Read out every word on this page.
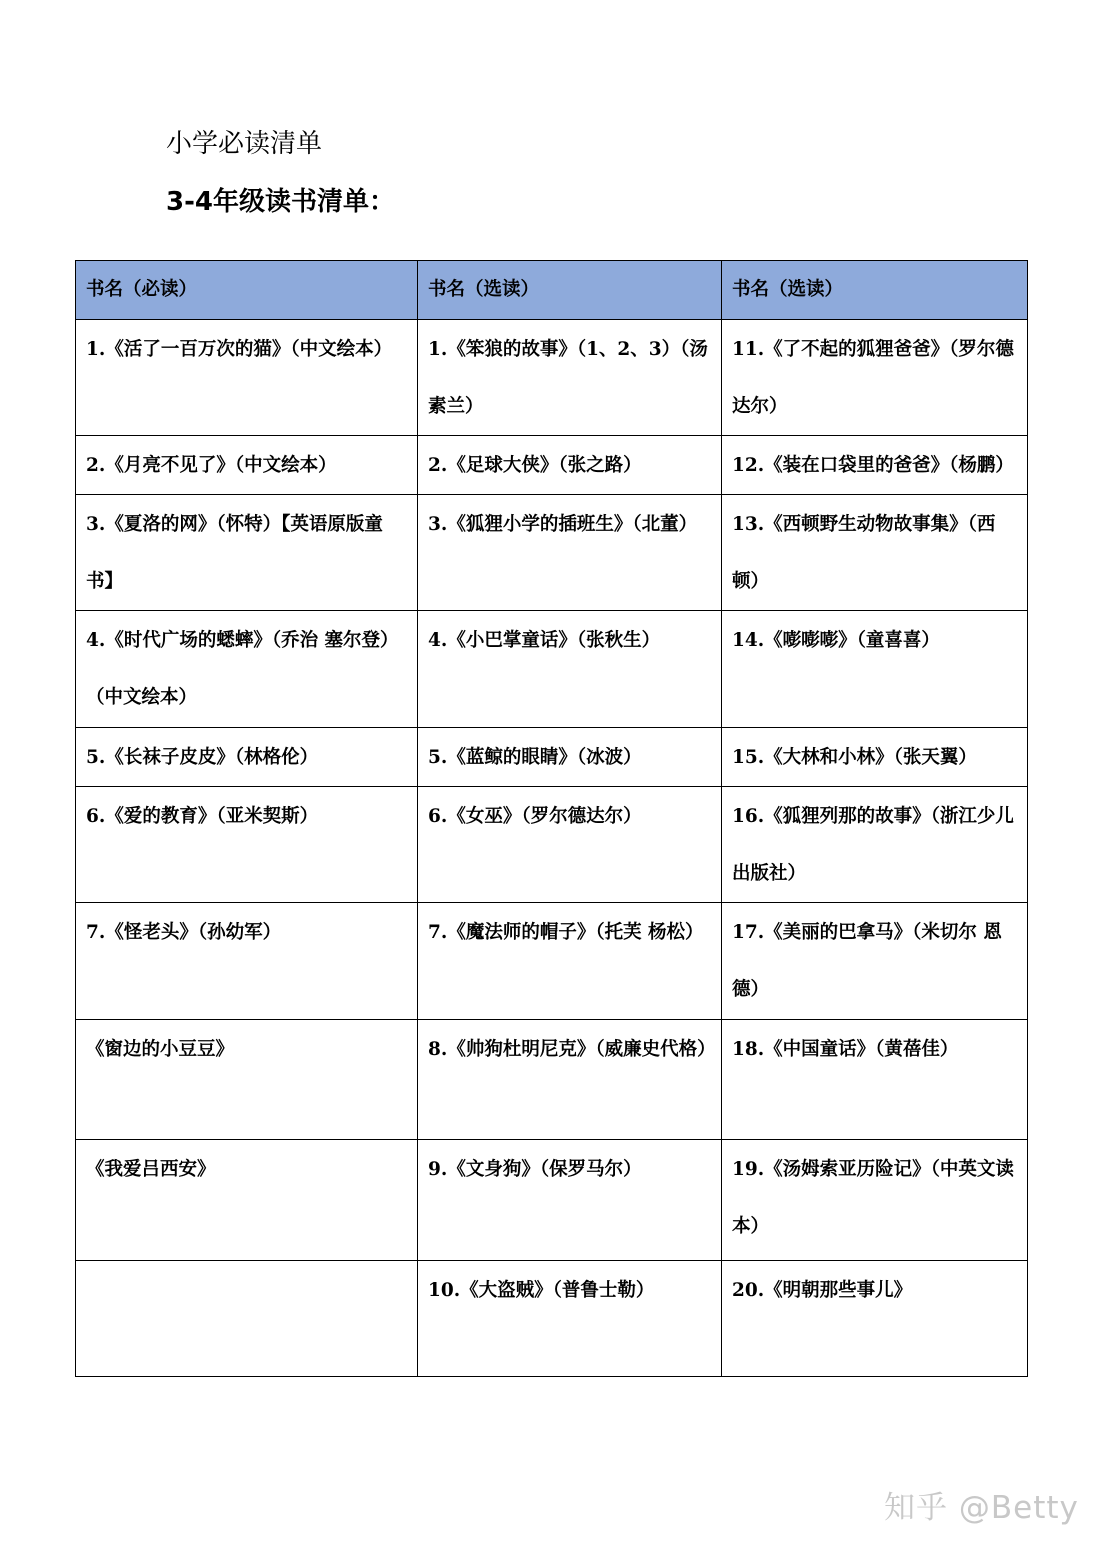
小学必读清单
3-4年级读书清单：
书名（必读）	书名（选读）	书名（选读）

1.《活了一百万次的猫》（中文绘本）	1.《笨狼的故事》（1、2、3）（汤素兰）	11.《了不起的狐狸爸爸》（罗尔德达尔）

2.《月亮不见了》（中文绘本）	2.《足球大侠》（张之路）	12.《装在口袋里的爸爸》（杨鹏）

3.《夏洛的网》（怀特）【英语原版童书】	3.《狐狸小学的插班生》（北董）	13.《西顿野生动物故事集》（西顿）

4.《时代广场的蟋蟀》（乔治 塞尔登）（中文绘本）	4.《小巴掌童话》（张秋生）	14.《嘭嘭嘭》（童喜喜）

5.《长袜子皮皮》（林格伦）	5.《蓝鲸的眼睛》（冰波）	15.《大林和小林》（张天翼）

6.《爱的教育》（亚米契斯）	6.《女巫》（罗尔德达尔）	16.《狐狸列那的故事》（浙江少儿出版社）

7.《怪老头》（孙幼军）	7.《魔法师的帽子》（托芙 杨松）	17.《美丽的巴拿马》（米切尔 恩德）

《窗边的小豆豆》	8.《帅狗杜明尼克》（威廉史代格）	18.《中国童话》（黄蓓佳）

《我爱吕西安》	9.《文身狗》（保罗马尔）	19.《汤姆索亚历险记》（中英文读本）

	10.《大盗贼》（普鲁士勒）	20.《明朝那些事儿》

知乎 @Betty
